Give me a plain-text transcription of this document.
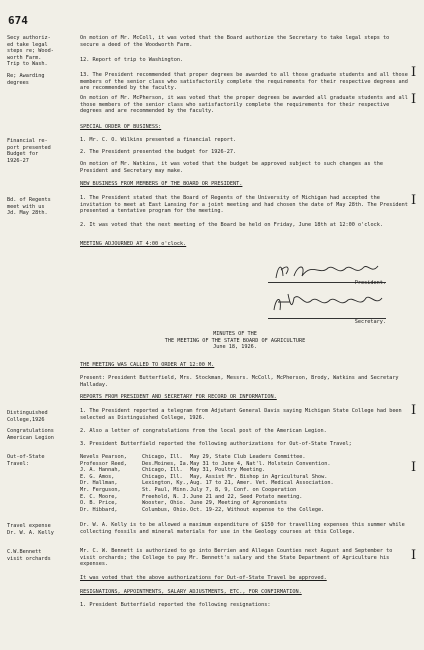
674
Secy authoriz-
ed take legal
steps re; Wood-
worth Farm.
Trip to Wash.
Re; Awarding
degrees
Financial re-
port presented
Budget for
1926-27
Bd. of Regents
meet with us
Jd. May 28th.
Distinguished
College,1926
Congratulations
American Legion
Out-of-State
Travel:
Travel expense
Dr. W. A. Kelly
C.W.Bennett
visit orchards
On motion of Mr. McColl, it was voted that the Board authorize the Secretary to take legal steps to secure a deed of the Woodworth Farm.
12. Report of trip to Washington.
13. The President recommended that proper degrees be awarded to all those graduate students and all those members of the senior class who satisfactorily complete the requirements for their respective degrees and are recommended by the faculty.
On motion of Mr. McPherson, it was voted that the proper degrees be awarded all graduate students and all those members of the senior class who satisfactorily complete the requirements for their respective degrees and are recommended by the faculty.
SPECIAL ORDER OF BUSINESS:
1. Mr. C. O. Wilkins presented a financial report.
2. The President presented the budget for 1926-27.
On motion of Mr. Watkins, it was voted that the budget be approved subject to such changes as the President and Secretary may make.
NEW BUSINESS FROM MEMBERS OF THE BOARD OR PRESIDENT.
1. The President stated that the Board of Regents of the University of Michigan had accepted the invitation to meet at East Lansing for a joint meeting and had chosen the date of May 28th. The President presented a tentative program for the meeting.
2. It was voted that the next meeting of the Board be held on Friday, June 18th at 12:00 o'clock.
MEETING ADJOURNED AT 4:00 o'clock.
President.
Secretary.
MINUTES OF THE
THE MEETING OF THE STATE BOARD OF AGRICULTURE
June 18, 1926.
THE MEETING WAS CALLED TO ORDER AT 12:00 M.
Present: President Butterfield, Mrs. Stockman, Messrs. McColl, McPherson, Brody, Watkins and Secretary Halladay.
REPORTS FROM PRESIDENT AND SECRETARY FOR RECORD OR INFORMATION.
1. The President reported a telegram from Adjutant General Davis saying Michigan State College had been selected as Distinguished College, 1926.
2. Also a letter of congratulations from the local post of the American Legion.
3. President Butterfield reported the following authorizations for Out-of-State Travel;
Nevels Pearson,	Chicago, Ill.	May 29, State Club Leaders Committee.
Professor Reed,	Des.Moines, Ia. May 31 to June 4, Nat'l. Holstein Convention.
J. A. Hannah,	Chicago, Ill.	May 31, Poultry Meeting.
E. G. Amos,	Chicago, Ill.	May, Assist Mr. Bishop in Agricultural Show.
Dr. Hallman,	Lexington, Ky., Aug. 17 to 21, Amer. Vet. Medical Association.
Mr. Ferguson,	St. Paul, Minn. July 7, 8, 9, Conf. on Cooperation
E. C. Moore,	Freehold, N. J. June 21 and 22, Seed Potato meeting.
O. B. Price,	Wooster, Ohio. June 29, Meeting of Agronomists
Dr. Hibbard,	Columbus, Ohio. Oct. 19-22, Without expense to the College.
Dr. W. A. Kelly is to be allowed a maximum expenditure of $150 for travelling expenses this summer while collecting fossils and mineral materials for use in the Geology courses at this College.
Mr. C. W. Bennett is authorized to go into Berrien and Allegan Counties next August and September to visit orchards; the College to pay Mr. Bennett's salary and the State Department of Agriculture his expenses.
It was voted that the above authorizations for Out-of-State Travel be approved.
RESIGNATIONS, APPOINTMENTS, SALARY ADJUSTMENTS, ETC., FOR CONFIRMATION.
1. President Butterfield reported the following resignations:
I
I
I
I
I
I
